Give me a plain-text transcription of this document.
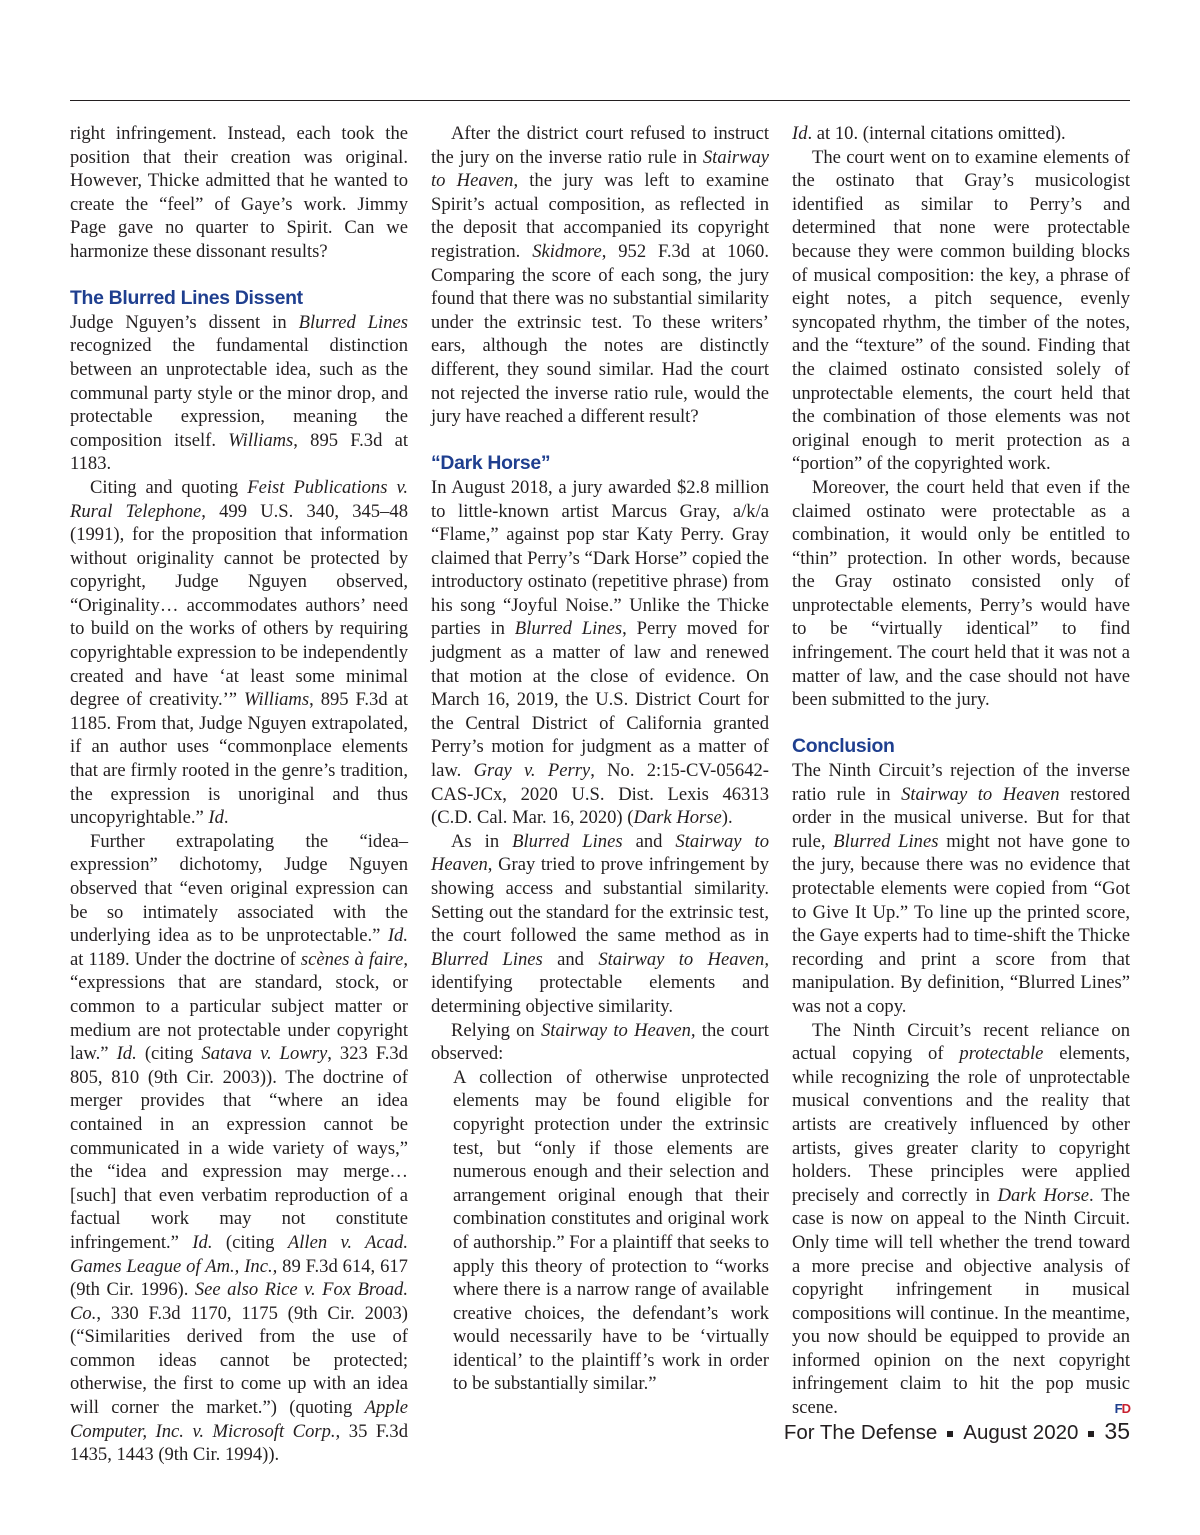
right infringement. Instead, each took the position that their creation was original. However, Thicke admitted that he wanted to create the “feel” of Gaye’s work. Jimmy Page gave no quarter to Spirit. Can we harmonize these dissonant results?

The Blurred Lines Dissent

Judge Nguyen’s dissent in Blurred Lines recognized the fundamental distinction between an unprotectable idea, such as the communal party style or the minor drop, and protectable expression, meaning the composition itself. Williams, 895 F.3d at 1183.

Citing and quoting Feist Publications v. Rural Telephone, 499 U.S. 340, 345–48 (1991), for the proposition that information without originality cannot be protected by copyright, Judge Nguyen observed, “Originality… accommodates authors’ need to build on the works of others by requiring copyrightable expression to be independently created and have ‘at least some minimal degree of creativity.’” Williams, 895 F.3d at 1185. From that, Judge Nguyen extrapolated, if an author uses “commonplace elements that are firmly rooted in the genre’s tradition, the expression is unoriginal and thus uncopyrightable.” Id.

Further extrapolating the “idea–expression” dichotomy, Judge Nguyen observed that “even original expression can be so intimately associated with the underlying idea as to be unprotectable.” Id. at 1189. Under the doctrine of scènes à faire, “expressions that are standard, stock, or common to a particular subject matter or medium are not protectable under copyright law.” Id. (citing Satava v. Lowry, 323 F.3d 805, 810 (9th Cir. 2003)). The doctrine of merger provides that “where an idea contained in an expression cannot be communicated in a wide variety of ways,” the “idea and expression may merge… [such] that even verbatim reproduction of a factual work may not constitute infringement.” Id. (citing Allen v. Acad. Games League of Am., Inc., 89 F.3d 614, 617 (9th Cir. 1996). See also Rice v. Fox Broad. Co., 330 F.3d 1170, 1175 (9th Cir. 2003) (“Similarities derived from the use of common ideas cannot be protected; otherwise, the first to come up with an idea will corner the market.”) (quoting Apple Computer, Inc. v. Microsoft Corp., 35 F.3d 1435, 1443 (9th Cir. 1994)).

After the district court refused to instruct the jury on the inverse ratio rule in Stairway to Heaven, the jury was left to examine Spirit’s actual composition, as reflected in the deposit that accompanied its copyright registration. Skidmore, 952 F.3d at 1060. Comparing the score of each song, the jury found that there was no substantial similarity under the extrinsic test. To these writers’ ears, although the notes are distinctly different, they sound similar. Had the court not rejected the inverse ratio rule, would the jury have reached a different result?

“Dark Horse”

In August 2018, a jury awarded $2.8 million to little-known artist Marcus Gray, a/k/a “Flame,” against pop star Katy Perry. Gray claimed that Perry’s “Dark Horse” copied the introductory ostinato (repetitive phrase) from his song “Joyful Noise.” Unlike the Thicke parties in Blurred Lines, Perry moved for judgment as a matter of law and renewed that motion at the close of evidence. On March 16, 2019, the U.S. District Court for the Central District of California granted Perry’s motion for judgment as a matter of law. Gray v. Perry, No. 2:15-CV-05642-CAS-JCx, 2020 U.S. Dist. Lexis 46313 (C.D. Cal. Mar. 16, 2020) (Dark Horse).

As in Blurred Lines and Stairway to Heaven, Gray tried to prove infringement by showing access and substantial similarity. Setting out the standard for the extrinsic test, the court followed the same method as in Blurred Lines and Stairway to Heaven, identifying protectable elements and determining objective similarity.

Relying on Stairway to Heaven, the court observed:

A collection of otherwise unprotected elements may be found eligible for copyright protection under the extrinsic test, but “only if those elements are numerous enough and their selection and arrangement original enough that their combination constitutes and original work of authorship.” For a plaintiff that seeks to apply this theory of protection to “works where there is a narrow range of available creative choices, the defendant’s work would necessarily have to be ‘virtually identical’ to the plaintiff’s work in order to be substantially similar.”

Id. at 10. (internal citations omitted).

The court went on to examine elements of the ostinato that Gray’s musicologist identified as similar to Perry’s and determined that none were protectable because they were common building blocks of musical composition: the key, a phrase of eight notes, a pitch sequence, evenly syncopated rhythm, the timber of the notes, and the “texture” of the sound. Finding that the claimed ostinato consisted solely of unprotectable elements, the court held that the combination of those elements was not original enough to merit protection as a “portion” of the copyrighted work.

Moreover, the court held that even if the claimed ostinato were protectable as a combination, it would only be entitled to “thin” protection. In other words, because the Gray ostinato consisted only of unprotectable elements, Perry’s would have to be “virtually identical” to find infringement. The court held that it was not a matter of law, and the case should not have been submitted to the jury.

Conclusion

The Ninth Circuit’s rejection of the inverse ratio rule in Stairway to Heaven restored order in the musical universe. But for that rule, Blurred Lines might not have gone to the jury, because there was no evidence that protectable elements were copied from “Got to Give It Up.” To line up the printed score, the Gaye experts had to time-shift the Thicke recording and print a score from that manipulation. By definition, “Blurred Lines” was not a copy.

The Ninth Circuit’s recent reliance on actual copying of protectable elements, while recognizing the role of unprotectable musical conventions and the reality that artists are creatively influenced by other artists, gives greater clarity to copyright holders. These principles were applied precisely and correctly in Dark Horse. The case is now on appeal to the Ninth Circuit. Only time will tell whether the trend toward a more precise and objective analysis of copyright infringement in musical compositions will continue. In the meantime, you now should be equipped to provide an informed opinion on the next copyright infringement claim to hit the pop music scene.	FD

For The Defense August 2020 35
